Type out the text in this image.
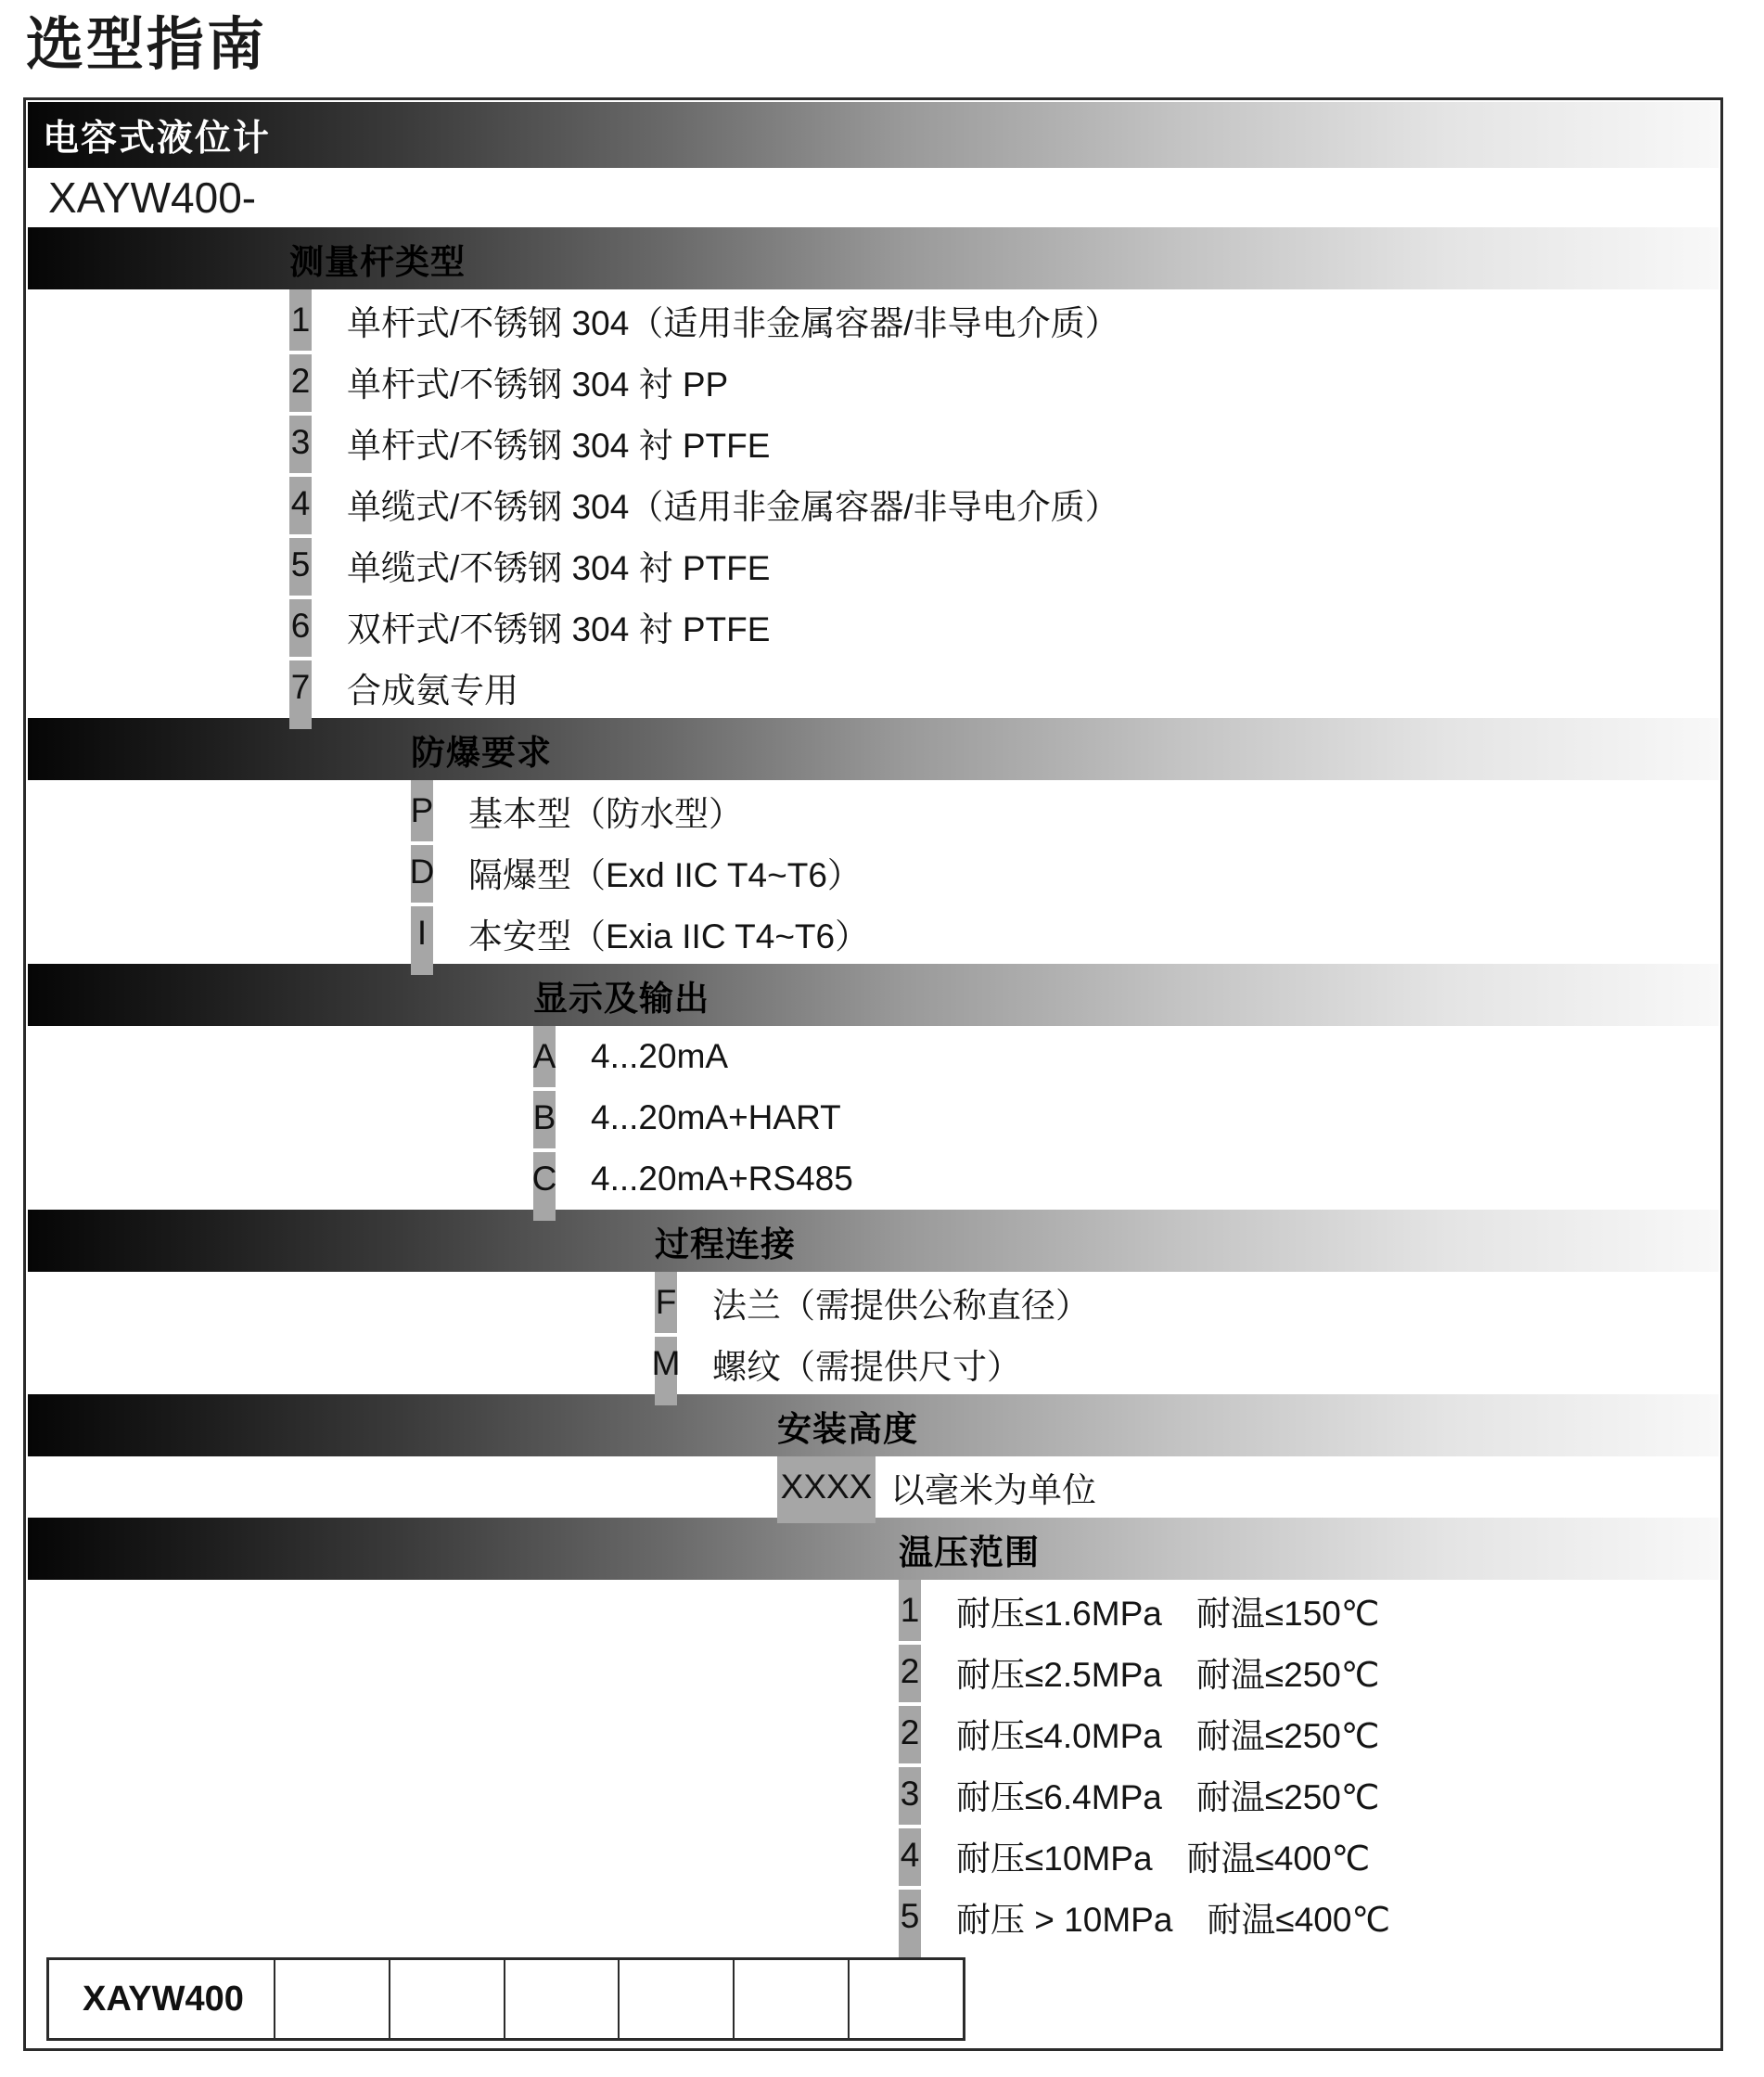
选型指南
电容式液位计
XAYW400-
测量杆类型
1 单杆式/不锈钢 304（适用非金属容器/非导电介质）
2 单杆式/不锈钢 304 衬 PP
3 单杆式/不锈钢 304 衬 PTFE
4 单缆式/不锈钢 304（适用非金属容器/非导电介质）
5 单缆式/不锈钢 304 衬 PTFE
6 双杆式/不锈钢 304 衬 PTFE
7 合成氨专用
防爆要求
P 基本型（防水型）
D 隔爆型（Exd IIC T4~T6）
I	本安型（Exia IIC T4~T6）
显示及输出
A 4...20mA
B 4...20mA+HART
C 4...20mA+RS485
过程连接
F 法兰（需提供公称直径）
M 螺纹（需提供尺寸）
安装高度
XXXX 以毫米为单位
温压范围
1 耐压≤1.6MPa　耐温≤150℃
2 耐压≤2.5MPa　耐温≤250℃
2 耐压≤4.0MPa　耐温≤250℃
3 耐压≤6.4MPa　耐温≤250℃
4 耐压≤10MPa　耐温≤400℃
5 耐压 > 10MPa　耐温≤400℃
XAYW400
